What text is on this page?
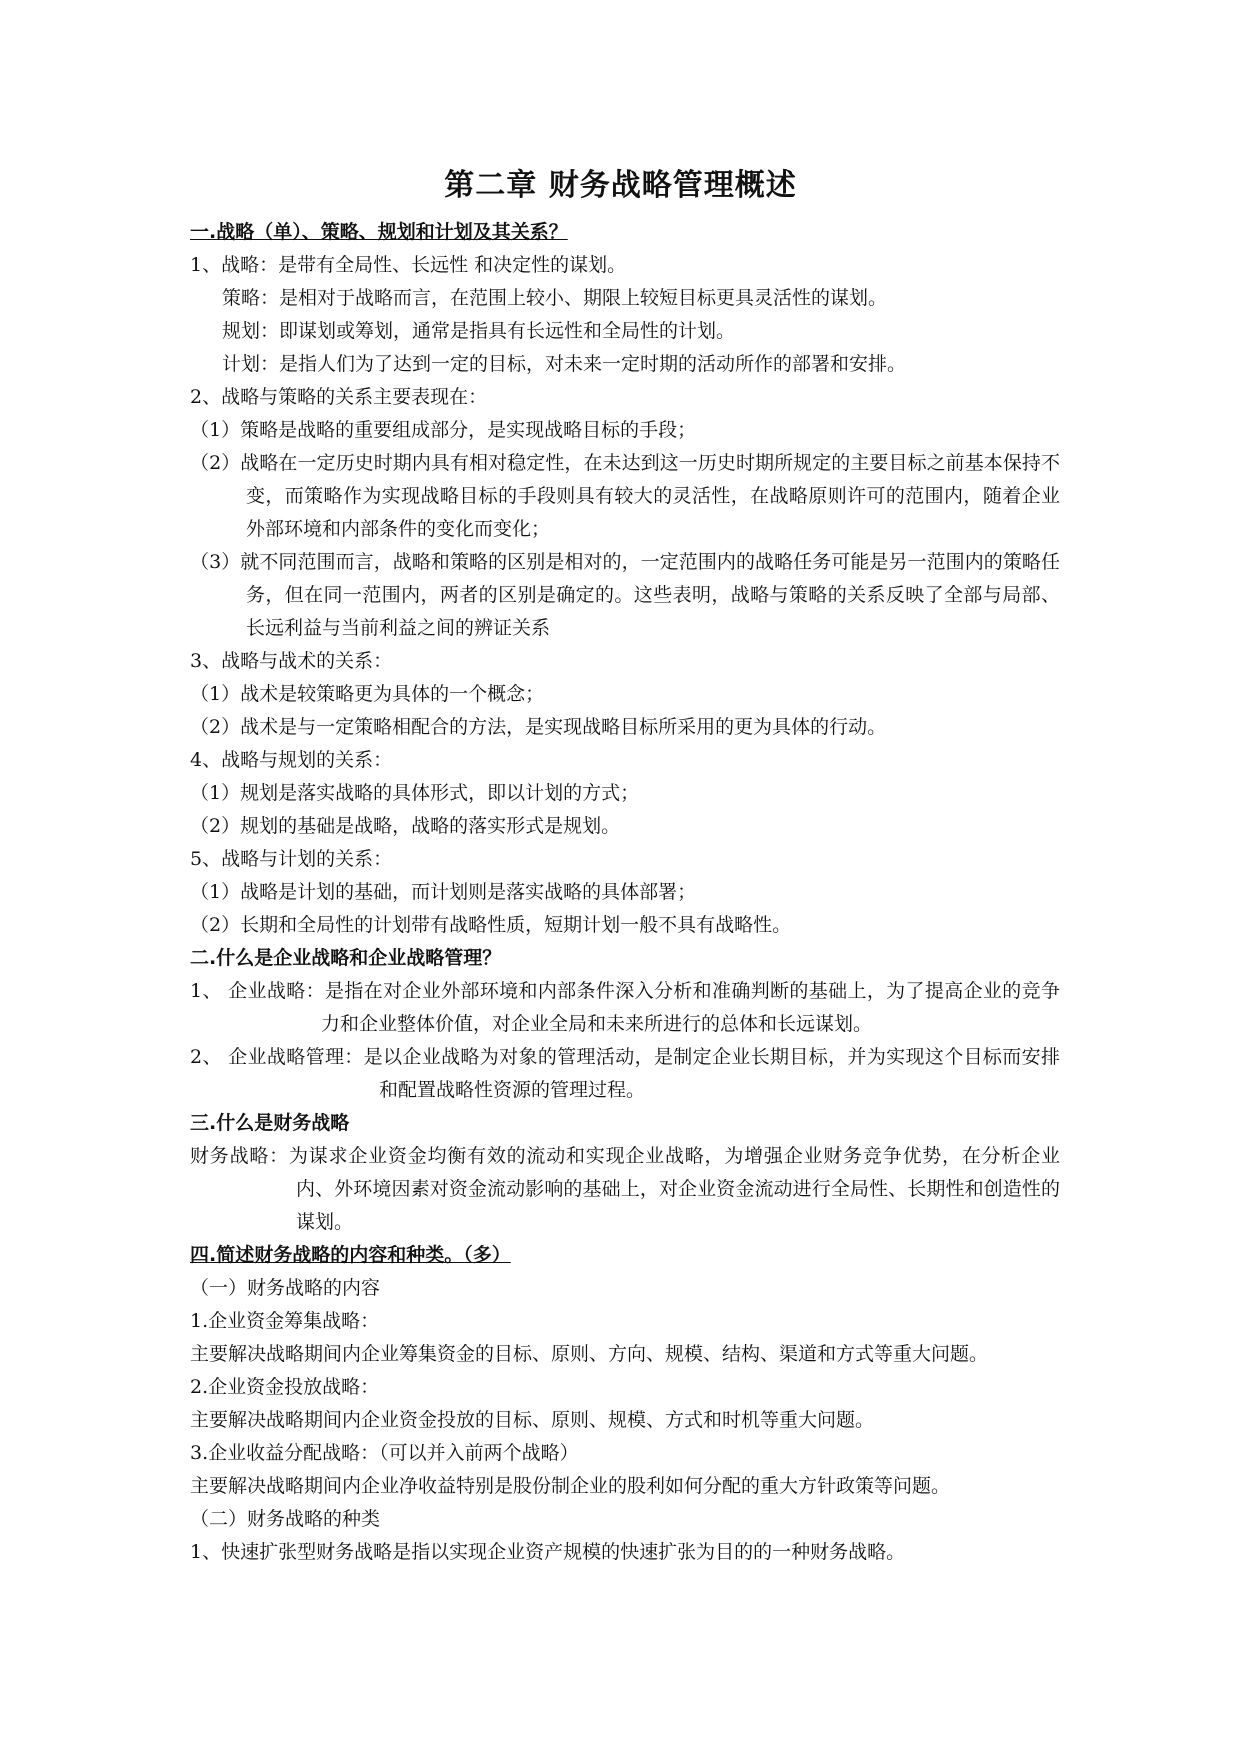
第二章 财务战略管理概述

一.战略（单）、策略、规划和计划及其关系？

1、战略：是带有全局性、长远性 和决定性的谋划。

策略：是相对于战略而言，在范围上较小、期限上较短目标更具灵活性的谋划。

规划：即谋划或筹划，通常是指具有长远性和全局性的计划。

计划：是指人们为了达到一定的目标，对未来一定时期的活动所作的部署和安排。

2、战略与策略的关系主要表现在：

（1）策略是战略的重要组成部分，是实现战略目标的手段；

（2）战略在一定历史时期内具有相对稳定性，在未达到这一历史时期所规定的主要目标之前基本保持不变，而策略作为实现战略目标的手段则具有较大的灵活性，在战略原则许可的范围内，随着企业外部环境和内部条件的变化而变化；

（3）就不同范围而言，战略和策略的区别是相对的，一定范围内的战略任务可能是另一范围内的策略任务，但在同一范围内，两者的区别是确定的。这些表明，战略与策略的关系反映了全部与局部、长远利益与当前利益之间的辨证关系

3、战略与战术的关系：

（1）战术是较策略更为具体的一个概念；

（2）战术是与一定策略相配合的方法，是实现战略目标所采用的更为具体的行动。

4、战略与规划的关系：

（1）规划是落实战略的具体形式，即以计划的方式；

（2）规划的基础是战略，战略的落实形式是规划。

5、战略与计划的关系：

（1）战略是计划的基础，而计划则是落实战略的具体部署；

（2）长期和全局性的计划带有战略性质，短期计划一般不具有战略性。

二.什么是企业战略和企业战略管理？

1、 企业战略：是指在对企业外部环境和内部条件深入分析和准确判断的基础上，为了提高企业的竞争力和企业整体价值，对企业全局和未来所进行的总体和长远谋划。

2、 企业战略管理：是以企业战略为对象的管理活动，是制定企业长期目标，并为实现这个目标而安排和配置战略性资源的管理过程。

三.什么是财务战略

财务战略：为谋求企业资金均衡有效的流动和实现企业战略，为增强企业财务竞争优势，在分析企业内、外环境因素对资金流动影响的基础上，对企业资金流动进行全局性、长期性和创造性的谋划。

四.简述财务战略的内容和种类。（多）

（一）财务战略的内容

1.企业资金筹集战略：

主要解决战略期间内企业筹集资金的目标、原则、方向、规模、结构、渠道和方式等重大问题。

2.企业资金投放战略：

主要解决战略期间内企业资金投放的目标、原则、规模、方式和时机等重大问题。

3.企业收益分配战略：（可以并入前两个战略）

主要解决战略期间内企业净收益特别是股份制企业的股利如何分配的重大方针政策等问题。

（二）财务战略的种类

1、快速扩张型财务战略是指以实现企业资产规模的快速扩张为目的的一种财务战略。
